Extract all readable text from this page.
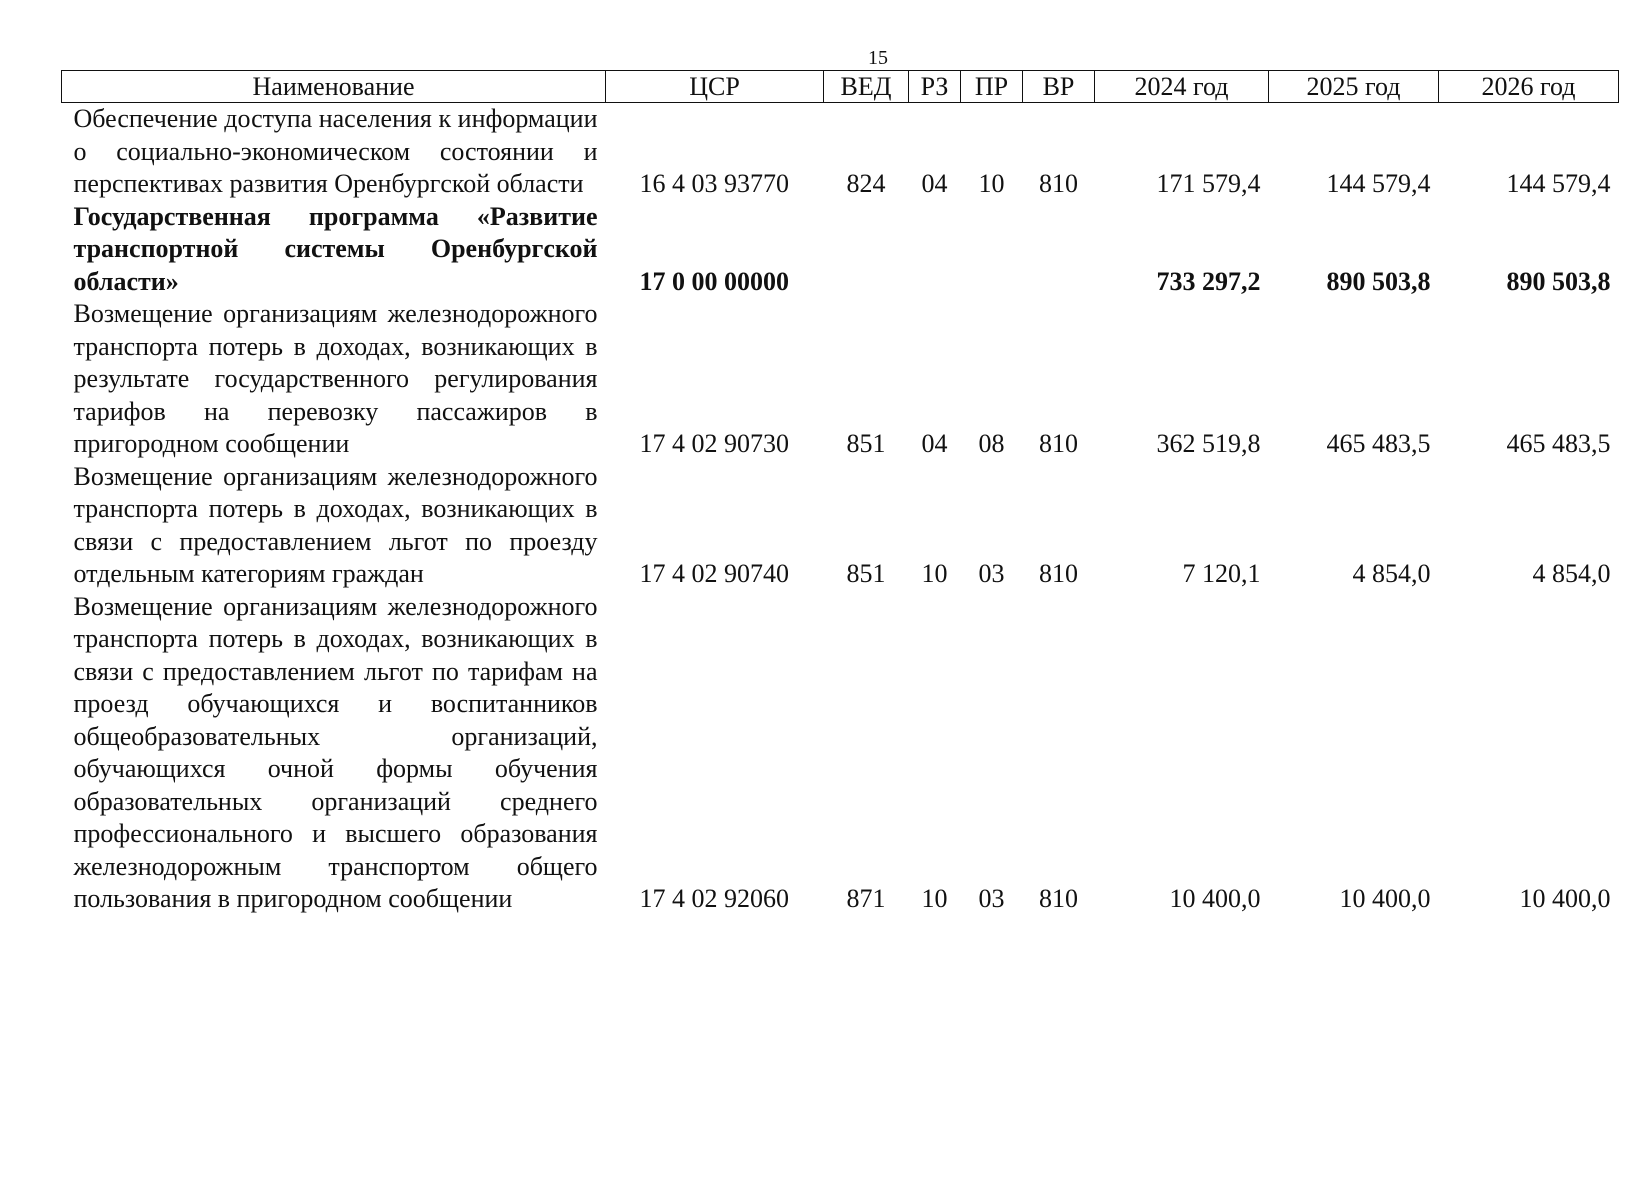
15
Наименование	ЦСР	ВЕД	РЗ	ПР	ВР	2024 год	2025 год	2026 год
Обеспечение доступа населения к информации о социально-экономическом состоянии и перспективах развития Оренбургской области	16 4 03 93770	824	04	10	810	171 579,4	144 579,4	144 579,4
Государственная программа «Развитие транспортной системы Оренбургской области»	17 0 00 00000					733 297,2	890 503,8	890 503,8
Возмещение организациям железнодорожного транспорта потерь в доходах, возникающих в результате государственного регулирования тарифов на перевозку пассажиров в пригородном сообщении	17 4 02 90730	851	04	08	810	362 519,8	465 483,5	465 483,5
Возмещение организациям железнодорожного транспорта потерь в доходах, возникающих в связи с предоставлением льгот по проезду отдельным категориям граждан	17 4 02 90740	851	10	03	810	7 120,1	4 854,0	4 854,0
Возмещение организациям железнодорожного транспорта потерь в доходах, возникающих в связи с предоставлением льгот по тарифам на проезд обучающихся и воспитанников общеобразовательных организаций, обучающихся очной формы обучения образовательных организаций среднего профессионального и высшего образования железнодорожным транспортом общего пользования в пригородном сообщении	17 4 02 92060	871	10	03	810	10 400,0	10 400,0	10 400,0
